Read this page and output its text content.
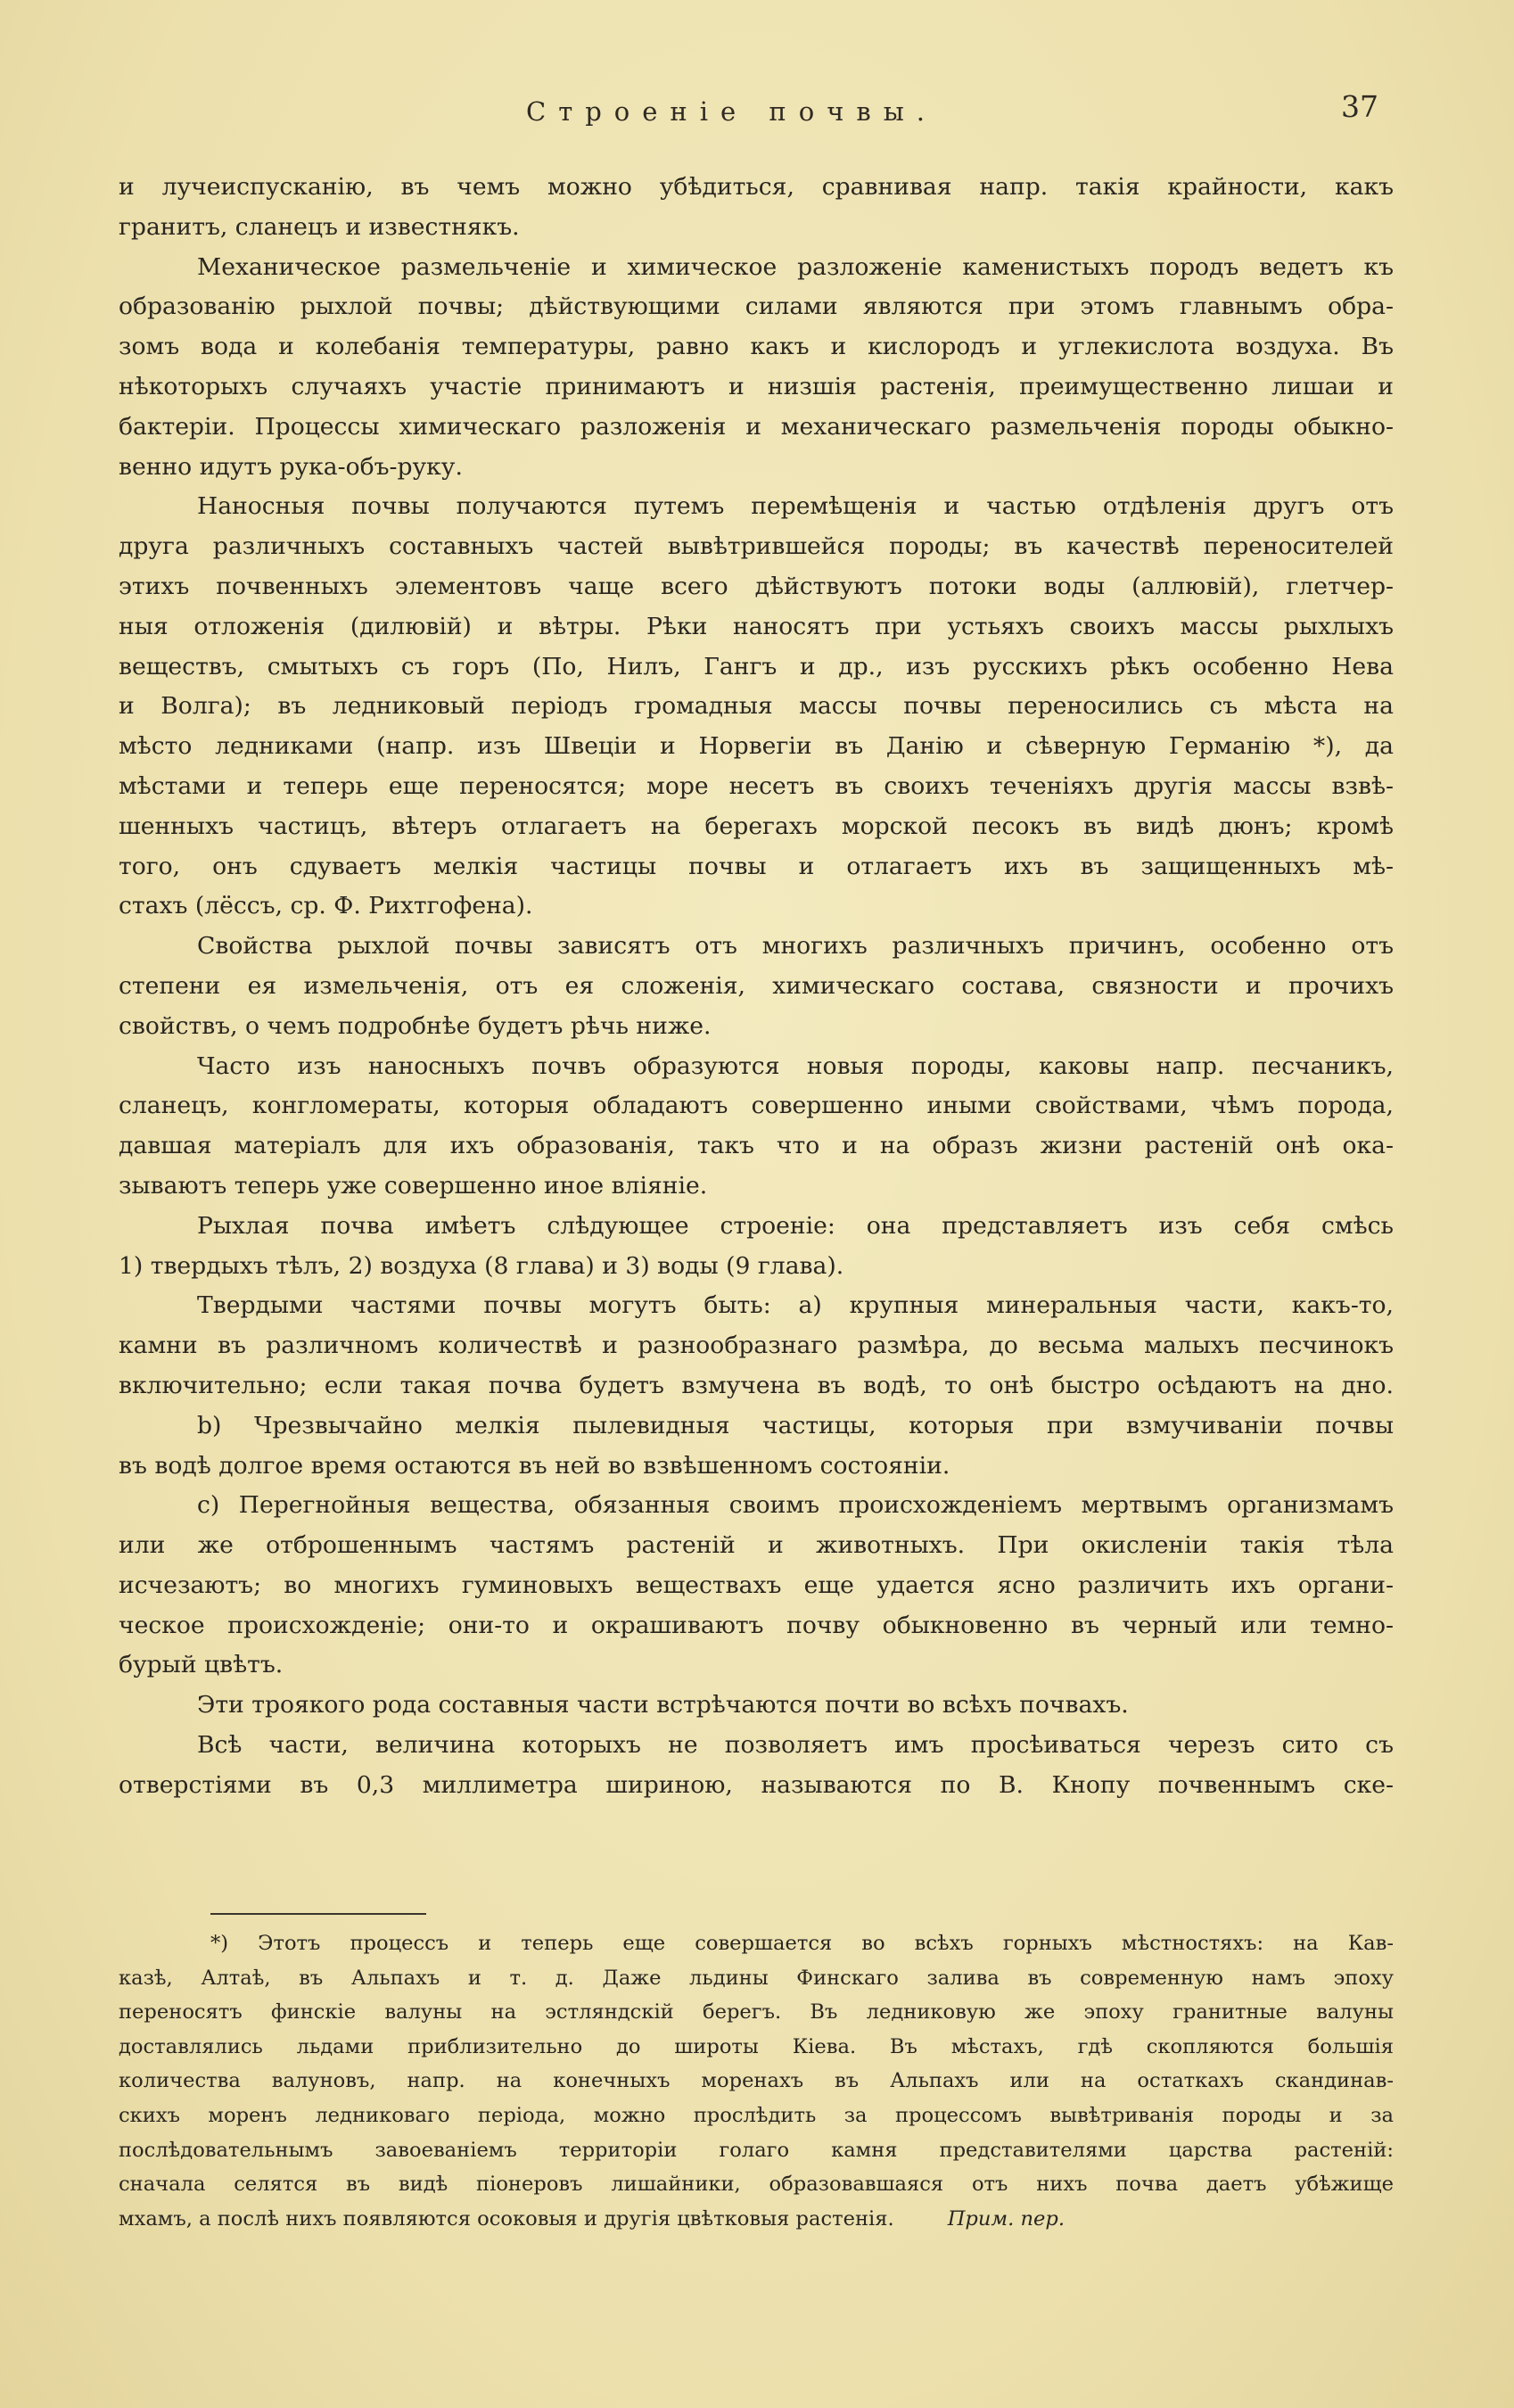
Строеніе почвы.	37

и лучеиспусканію, въ чемъ можно убѣдиться, сравнивая напр. такія крайности, какъ

гранитъ, сланецъ и известнякъ.

Механическое размельченіе и химическое разложеніе каменистыхъ породъ ведетъ къ

образованію рыхлой почвы; дѣйствующими силами являются при этомъ главнымъ обра-

зомъ вода и колебанія температуры, равно какъ и кислородъ и углекислота воздуха. Въ

нѣкоторыхъ случаяхъ участіе принимаютъ и низшія растенія, преимущественно лишаи и

бактеріи. Процессы химическаго разложенія и механическаго размельченія породы обыкно-

венно идутъ рука-объ-руку.

Наносныя почвы получаются путемъ перемѣщенія и частью отдѣленія другъ отъ

друга различныхъ составныхъ частей вывѣтрившейся породы; въ качествѣ переносителей

этихъ почвенныхъ элементовъ чаще всего дѣйствуютъ потоки воды (аллювій), глетчер-

ныя отложенія (дилювій) и вѣтры. Рѣки наносятъ при устьяхъ своихъ массы рыхлыхъ

веществъ, смытыхъ съ горъ (По, Нилъ, Гангъ и др., изъ русскихъ рѣкъ особенно Нева

и Волга); въ ледниковый періодъ громадныя массы почвы переносились съ мѣста на

мѣсто ледниками (напр. изъ Швеціи и Норвегіи въ Данію и сѣверную Германію *), да

мѣстами и теперь еще переносятся; море несетъ въ своихъ теченіяхъ другія массы взвѣ-

шенныхъ частицъ, вѣтеръ отлагаетъ на берегахъ морской песокъ въ видѣ дюнъ; кромѣ

того, онъ сдуваетъ мелкія частицы почвы и отлагаетъ ихъ въ защищенныхъ мѣ-

стахъ (лёссъ, ср. Ф. Рихтгофена).

Свойства рыхлой почвы зависятъ отъ многихъ различныхъ причинъ, особенно отъ

степени ея измельченія, отъ ея сложенія, химическаго состава, связности и прочихъ

свойствъ, о чемъ подробнѣе будетъ рѣчь ниже.

Часто изъ наносныхъ почвъ образуются новыя породы, каковы напр. песчаникъ,

сланецъ, конгломераты, которыя обладаютъ совершенно иными свойствами, чѣмъ порода,

давшая матеріалъ для ихъ образованія, такъ что и на образъ жизни растеній онѣ ока-

зываютъ теперь уже совершенно иное вліяніе.

Рыхлая почва имѣетъ слѣдующее строеніе: она представляетъ изъ себя смѣсь

1) твердыхъ тѣлъ, 2) воздуха (8 глава) и 3) воды (9 глава).

Твердыми частями почвы могутъ быть: a) крупныя минеральныя части, какъ-то,

камни въ различномъ количествѣ и разнообразнаго размѣра, до весьма малыхъ песчинокъ

включительно; если такая почва будетъ взмучена въ водѣ, то онѣ быстро осѣдаютъ на дно.

b) Чрезвычайно мелкія пылевидныя частицы, которыя при взмучиваніи почвы

въ водѣ долгое время остаются въ ней во взвѣшенномъ состояніи.

c) Перегнойныя вещества, обязанныя своимъ происхожденіемъ мертвымъ организмамъ

или же отброшеннымъ частямъ растеній и животныхъ. При окисленіи такія тѣла

исчезаютъ; во многихъ гуминовыхъ веществахъ еще удается ясно различить ихъ органи-

ческое происхожденіе; они-то и окрашиваютъ почву обыкновенно въ черный или темно-

бурый цвѣтъ.

Эти троякого рода составныя части встрѣчаются почти во всѣхъ почвахъ.

Всѣ части, величина которыхъ не позволяетъ имъ просѣиваться черезъ сито съ

отверстіями въ 0,3 миллиметра шириною, называются по В. Кнопу почвеннымъ ске-

*) Этотъ процессъ и теперь еще совершается во всѣхъ горныхъ мѣстностяхъ: на Кав-

казѣ, Алтаѣ, въ Альпахъ и т. д. Даже льдины Финскаго залива въ современную намъ эпоху

переносятъ финскіе валуны на эстляндскій берегъ. Въ ледниковую же эпоху гранитные валуны

доставлялись льдами приблизительно до широты Кіева. Въ мѣстахъ, гдѣ скопляются большія

количества валуновъ, напр. на конечныхъ моренахъ въ Альпахъ или на остаткахъ скандинав-

скихъ моренъ ледниковаго періода, можно прослѣдить за процессомъ вывѣтриванія породы и за

послѣдовательнымъ завоеваніемъ территоріи голаго камня представителями царства растеній:

сначала селятся въ видѣ піонеровъ лишайники, образовавшаяся отъ нихъ почва даетъ убѣжище

мхамъ, а послѣ нихъ появляются осоковыя и другія цвѣтковыя растенія.	Прим. пер.
